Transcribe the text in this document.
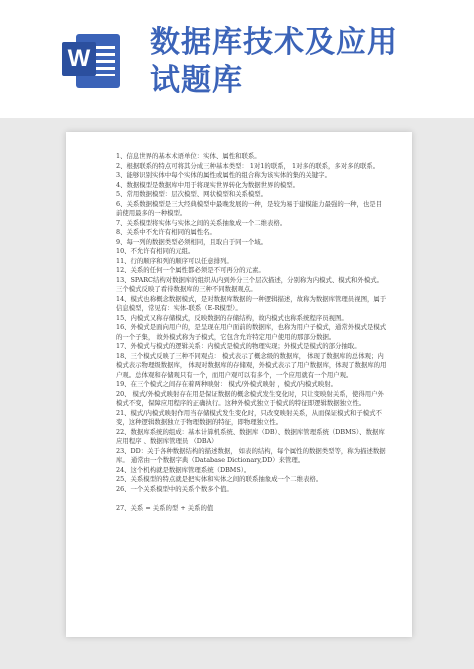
W 数据库技术及应用
试题库

1、信息世界的基本术语单位：实体、属性和联系。

2、根据联系的特点可将其分成三种基本类型： 1对1的联系， 1对多的联系，多对多的联系。

3、能够识别实体中每个实体的属性或属性的组合称为该实体的集的关键字。

4、数据模型是数据库中用于将现实世界转化为数据世界的模型。

5、常用数据模型：层次模型、网状模型和关系模型。

6、关系数据模型是三大经典模型中最晚发展的一种，是较为易于建模能力最强的一种，也是目前使用最多的一种模型。

7、关系模型将实体与实体之间的关系抽象成一个二维表格。

8、关系中不允许有相同的属性名。

9、每一列的数据类型必须相同，且取自于同一个域。

10、不允许有相同的元组。

11、行的顺序和列的顺序可以任意排列。

12、关系的任何一个属性都必须是不可再分的元素。

13、SPARC结构对数据库的组织从内到外分三个层次描述，分别称为内模式、模式和外模式。三个模式反映了看待数据库的三种不同数据观点。

14、模式也称概念数据模式，是对数据库数据的一种逻辑描述，故称为数据库管理员视图，属于信息模型，常见有：实体-联系（E-R模型）。

15、内模式又称存储模式，反映数据的存储结构，故内模式也称系统程序员视图。

16、外模式是面向用户的，是呈现在用户面前的数据库，也称为用户子模式，通常外模式是模式的一个子集， 故外模式称为子模式，它包含允许特定用户使用的那部分数据。

17、外模式与模式的逻辑关系：内模式是模式的物理实现；外模式是模式的部分抽取。

18、三个模式反映了三种不同观点： 模式表示了概念级的数据库， 体现了数据库的总体观；内模式表示物理级数据库， 体现对数据库的存储观，外模式表示了用户数据库，体现了数据库的用户观。总体观和存储观只有一个，而用户观可以有多个，一个应用就有一个用户观。

19、在三个模式之间存在着两种映射： 模式/外模式映射 ，模式/内模式映射。

20、 模式/外模式映射存在用是保证数据的概念模式发生变化时，只让变映射关系，使得用户外模式不变，保障应用程序的正确执行。这种外模式独立于模式的特征即逻辑数据独立性。

21、模式/内模式映射作用当存储模式发生变化时，只改变映射关系，从而保证模式和子模式不变，这种逻辑数据独立于物理数据的特征，即物理独立性。

22、数据库系统的组成：基本计算机系统、数据库（DB）、数据库管理系统（DBMS）、数据库应用程序 、数据库管理员 （DBA）

23、DD：关于各种数据结构的描述数据， 如表的结构，每个属性的数据类型等，称为描述数据库。 通常由一个数据字典（Database Dictionary,DD）来管理。

24、这个机构就是数据库管理系统（DBMS）。

25、关系模型的特点就是把实体和实体之间的联系抽象成一个二维表格。

26、一个关系模型中的关系个数多个值。

27、关系 = 关系的型 + 关系的值
